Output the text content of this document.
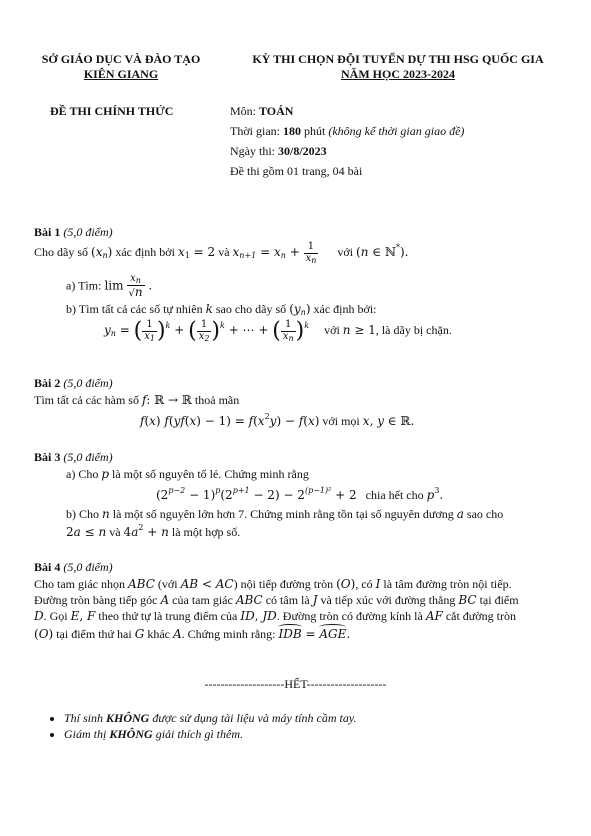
SỞ GIÁO DỤC VÀ ĐÀO TẠO
KIÊN GIANG
KỲ THI CHỌN ĐỘI TUYỂN DỰ THI HSG QUỐC GIA
NĂM HỌC 2023-2024
ĐỀ THI CHÍNH THỨC	Môn: TOÁN
Thời gian: 180 phút (không kể thời gian giao đề)
Ngày thi: 30/8/2023
Đề thi gồm 01 trang, 04 bài
Bài 1 (5,0 điểm)
Cho dãy số $(x_n)$ xác định bởi $x_1 = 2$ và $x_{n+1} = x_n + \frac{1}{x_n}$ với (n ∈ ℕ*).
a) Tìm: $\lim \frac{x_n}{√n}$ .
b) Tìm tất cả các số tự nhiên k sao cho dãy số $(y_n)$ xác định bởi:
$y_n$ = ( $\frac{1}{x_1} )^k$ + ( $\frac{1}{x_2} )^k$ + ⋯ + ( $\frac{1}{x_n} )^k$ với n ≥ 1, là dãy bị chặn.
Bài 2 (5,0 điểm)
Tìm tất cả các hàm số f: ℝ → ℝ thoả mãn
f(x) $f(yf(x) - 1) = f(x^2y) - f(x)$ với mọi x, y ∈ ℝ.
Bài 3 (5,0 điểm)
a) Cho p là một số nguyên tố lẻ. Chứng minh rằng
$(2^{p-2} - 1)^p(2^{p+1} - 2) - 2^{(p-1)^2} + 2$ chia hết cho $p^3$.
b) Cho n là một số nguyên lớn hơn 7. Chứng minh rằng tồn tại số nguyên dương a sao cho
2a ≤ n và $4a^2 + n$ là một hợp số.
Bài 4 (5,0 điểm)
Cho tam giác nhọn ABC (với AB < AC) nội tiếp đường tròn (O), có I là tâm đường tròn nội tiếp.
Đường tròn bàng tiếp góc A của tam giác ABC có tâm là J và tiếp xúc với đường thẳng BC tại điểm
D. Gọi E, F theo thứ tự là trung điểm của ID, JD. Đường tròn có đường kính là AF cắt đường tròn
(O) tại điểm thứ hai G khác A. Chứng minh rằng: IDB = AGE.
--------------------HẾT--------------------
Thí sinh KHÔNG được sử dụng tài liệu và máy tính cầm tay.
Giám thị KHÔNG giải thích gì thêm.
